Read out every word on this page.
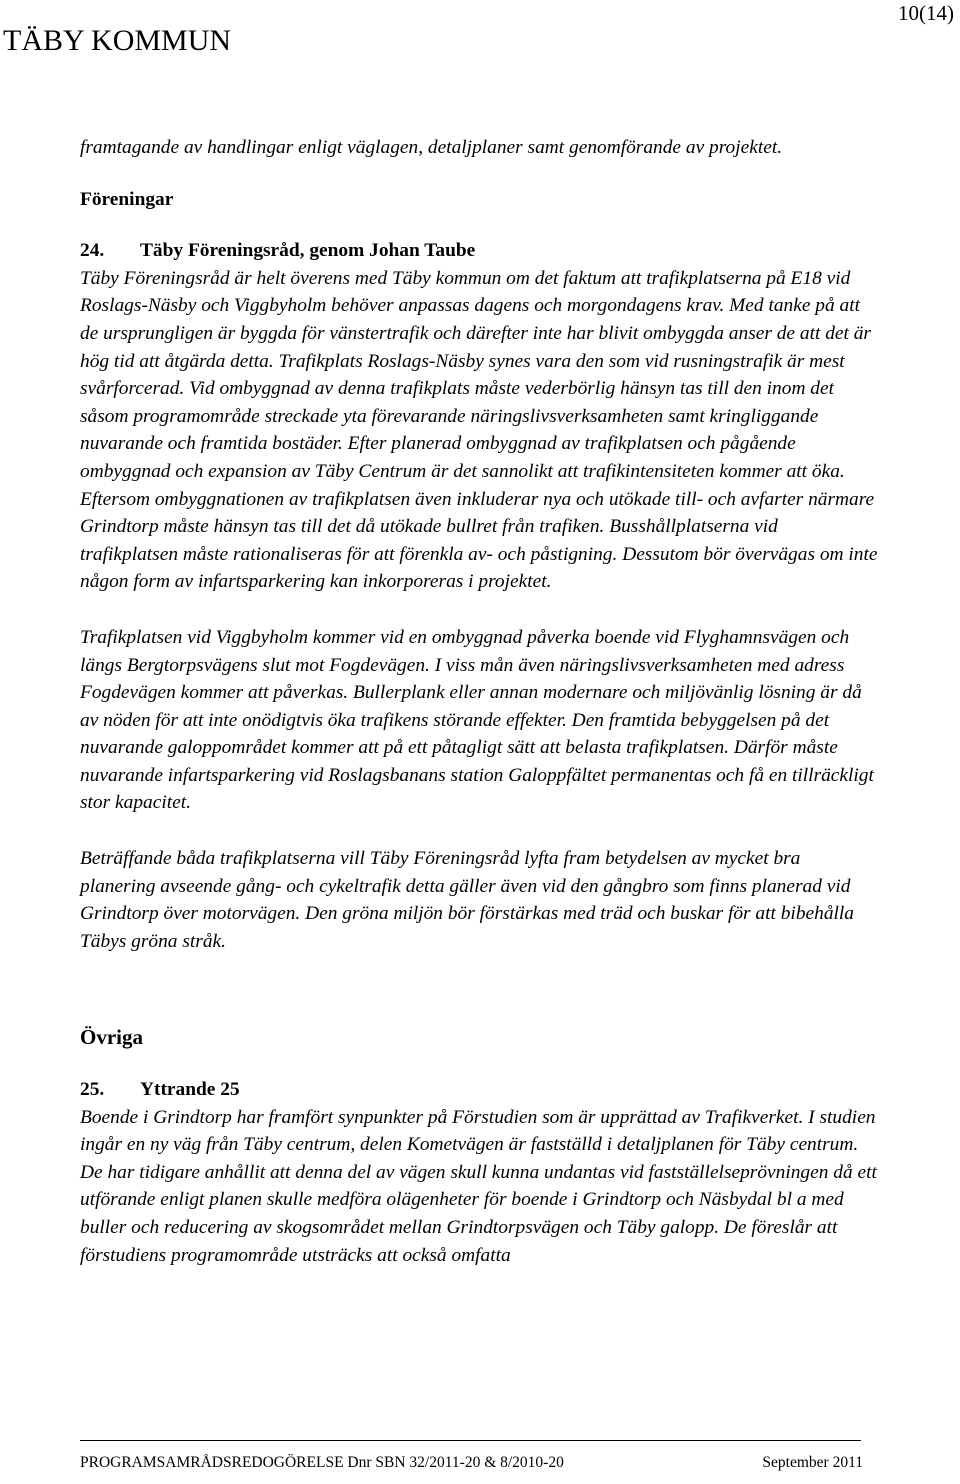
TÄBY KOMMUN
10(14)

framtagande av handlingar enligt väglagen, detaljplaner samt genomförande av projektet.

Föreningar

24. Täby Föreningsråd, genom Johan Taube

Täby Föreningsråd är helt överens med Täby kommun om det faktum att trafikplatserna på E18 vid Roslags-Näsby och Viggbyholm behöver anpassas dagens och morgondagens krav. Med tanke på att de ursprungligen är byggda för vänstertrafik och därefter inte har blivit ombyggda anser de att det är hög tid att åtgärda detta. Trafikplats Roslags-Näsby synes vara den som vid rusningstrafik är mest svårforcerad. Vid ombyggnad av denna trafikplats måste vederbörlig hänsyn tas till den inom det såsom programområde streckade yta förevarande näringslivsverksamheten samt kringliggande nuvarande och framtida bostäder. Efter planerad ombyggnad av trafikplatsen och pågående ombyggnad och expansion av Täby Centrum är det sannolikt att trafikintensiteten kommer att öka. Eftersom ombyggnationen av trafikplatsen även inkluderar nya och utökade till- och avfarter närmare Grindtorp måste hänsyn tas till det då utökade bullret från trafiken. Busshållplatserna vid trafikplatsen måste rationaliseras för att förenkla av- och påstigning. Dessutom bör övervägas om inte någon form av infartsparkering kan inkorporeras i projektet.

Trafikplatsen vid Viggbyholm kommer vid en ombyggnad påverka boende vid Flyghamnsvägen och längs Bergtorpsvägens slut mot Fogdevägen. I viss mån även näringslivsverksamheten med adress Fogdevägen kommer att påverkas. Bullerplank eller annan modernare och miljövänlig lösning är då av nöden för att inte onödigtvis öka trafikens störande effekter. Den framtida bebyggelsen på det nuvarande galoppområdet kommer att på ett påtagligt sätt att belasta trafikplatsen. Därför måste nuvarande infartsparkering vid Roslagsbanans station Galoppfältet permanentas och få en tillräckligt stor kapacitet.

Beträffande båda trafikplatserna vill Täby Föreningsråd lyfta fram betydelsen av mycket bra planering avseende gång- och cykeltrafik detta gäller även vid den gångbro som finns planerad vid Grindtorp över motorvägen. Den gröna miljön bör förstärkas med träd och buskar för att bibehålla Täbys gröna stråk.

Övriga

25. Yttrande 25

Boende i Grindtorp har framfört synpunkter på Förstudien som är upprättad av Trafikverket. I studien ingår en ny väg från Täby centrum, delen Kometvägen är fastställd i detaljplanen för Täby centrum. De har tidigare anhållit att denna del av vägen skull kunna undantas vid fastställelseprövningen då ett utförande enligt planen skulle medföra olägenheter för boende i Grindtorp och Näsbydal bl a med buller och reducering av skogsområdet mellan Grindtorpsvägen och Täby galopp. De föreslår att förstudiens programområde utsträcks att också omfatta

PROGRAMSAMRÅDSREDOGÖRELSE Dnr SBN 32/2011-20 & 8/2010-20	September 2011
